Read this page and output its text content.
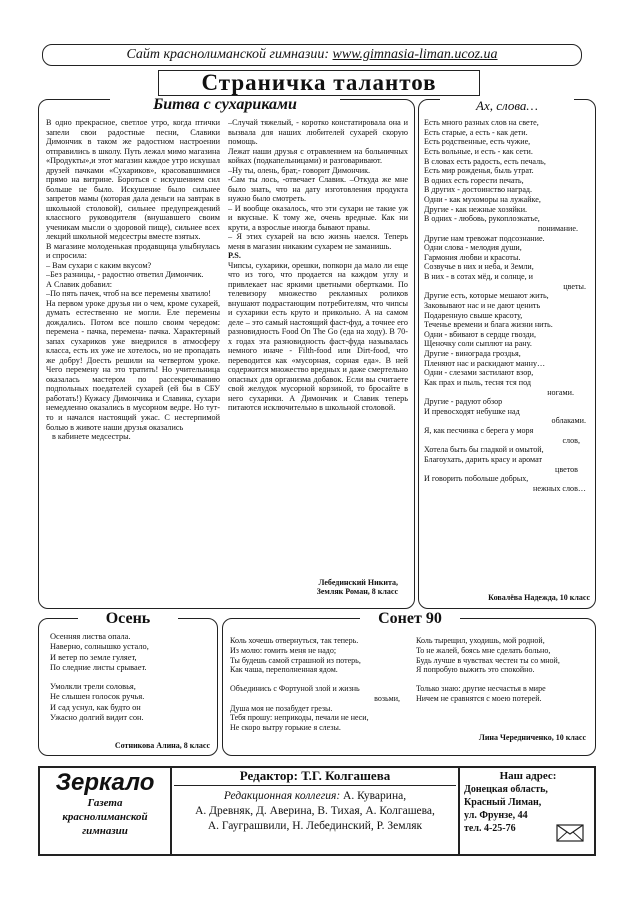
Сайт краснолиманской гимназии: www.gimnasia-liman.ucoz.ua
Страничка талантов
Битва с сухариками

В одно прекрасное, светлое утро, когда птички запели свои радостные песни, Славики Димончик в таком же радостном настроении отправились в школу. Путь лежал мимо магазина «Продукты»,и этот магазин каждое утро искушал друзей пачками «Сухариков», красовавшимися прямо на витрине. Бороться с искушением сил больше не было. Искушение было сильнее запретов мамы (которая дала деньги на завтрак в школьной столовой), сильнее предупреждений классного руководителя (внушавшего своим ученикам мысли о здоровой пище), сильнее всех лекций школьной медсестры вместе взятых.

В магазине молоденькая продавщица улыбнулась и спросила:

– Вам сухари с каким вкусом?

–Без разницы, - радостно ответил Димончик.

А Славик добавил:

–По пять пачек, чтоб на все перемены хватило!

На первом уроке друзья ни о чем, кроме сухарей, думать естественно не могли. Еле перемены дождались. Потом все пошло своим чередом: перемена - пачка, перемена- пачка. Характерный запах сухариков уже внедрился в атмосферу класса, есть их уже не хотелось, но не пропадать же добру! Доесть решили на четвертом уроке. Чего перемену на это тратить! Но учительница оказалась мастером по рассекречиванию подпольных поедателей сухарей (ей бы в СБУ работать!) Кужасу Димончика и Славика, сухари немедленно оказались в мусорном ведре. Но тут-то и начался настоящий ужас. С нестерпимой болью в животе наши друзья оказались

в кабинете медсестры.

–Случай тяжелый, - коротко констатировала она и вызвала для наших любителей сухарей скорую помощь.

Лежат наши друзья с отравлением на больничных койках (подкапельницами) и разговаривают.

–Ну ты, олень, брат,- говорит Димончик.

-Сам ты лось, -отвечает Славик. –Откуда же мне было знать, что на дату изготовления продукта нужно было смотреть.

– И вообще оказалось, что эти сухари не такие уж и вкусные. К тому же, очень вредные. Как ни крути, а взрослые иногда бывают правы.

– Я этих сухарей на всю жизнь наелся. Теперь меня в магазин никаким сухарем не заманишь.

P.S.

Чипсы, сухарики, орешки, попкорн да мало ли еще что из того, что продается на каждом углу и привлекает нас яркими цветными обертками. По телевизору множество рекламных роликов внушают подрастающим потребителям, что чипсы и сухарики есть круто и прикольно. А на самом деле – это самый настоящий фаст-фуд, а точнее его разновидность Food On The Go (еда на ходу). В 70-х годах эта разновидность фаст-фуда называлась немного иначе - Filth-food или Dirt-food, что переводится как «мусорная, сорная еда». В ней содержится множество вредных и даже смертельно опасных для организма добавок. Если вы считаете свой желудок мусорной корзиной, то бросайте в него сухарики. А Димончик и Славик теперь питаются исключительно в школьной столовой.

Лебединский Никита,
Земляк Роман, 8 класс
Ах, слова…
Есть много разных слов на свете,
Есть старые, а есть - как дети.
Есть родственные, есть чужие,
Есть вольные, и есть - как сети.
В словах есть радость, есть печаль,
Есть мир рожденья, быль утрат.
В одних есть горести печать,
В других - достоинство наград.
Одни - как мухоморы на лужайке,
Другие - как нежные хозяйки.
В одних - любовь, рукоплозкатье,
понимание.
Другие нам тревожат подсознание.
Одни слова - мелодия души,
Гармония любви и красоты.
Созвучье в них и неба, и Земли,
В них - в сотах мёд, и солнце, и
цветы.
Другие есть, которые мешают жить,
Заковывают нас и не дают ценить
Подаренную свыше красоту,
Теченье времени и блага жизни нить.
Одни - вбивают в сердце гвозди,
Щеночку соли сыплют на рану.
Другие - винограда гроздья,
Пленяют нас и раскидают манну…
Одни - слезами застилают взор,
Как прах и пыль, тесня тся под
ногами.
Другие - радуют обзор
И превосходят небушке над
облаками.
Я, как песчинка с берега у моря
слов,
Хотела быть бы гладкой и омытой,
Благоухать, дарить красу и аромат
цветов
И говорить побольше добрых,
нежных слов…
Ковалёва Надежда, 10 класс
Осень
Осенняя листва опала.
Наверно, солнышко устало,
И ветер по земле гуляет,
По следние листы срывает.
Умолкли трели соловья,
Не слышен голосок ручья.
И сад уснул, как будто он
Ужасно долгий видит сон.
Сотникова Алина, 8 класс
Сонет 90
Коль хочешь отвернуться, так теперь.
Из молю: гомить меня не надо;
Ты будешь самой страшной из потерь,
Как чаша, переполненная ядом.
Объединись с Фортуной злой и жизнь
возьми,
Душа моя не позабудет грезы.
Тебя прошу: неприкоды, печали не неси,
Не скоро вытру горькие я слезы.
Коль тырещил, уходишь, мой родной,
То не жалей, боясь мне сделать больно,
Будь лучше в чувствах честен ты со мной,
Я попробую выжить это спокойно.
Только знаю: другие несчастья в мире
Ничем не сравнятся с моею потерей.
Лина Чередниченко, 10 класс
Зеркало
Газета
краснолиманской
гимназии
Редактор: Т.Г. Колгашева
Редакционная коллегия: А. Куварина,
А. Древняк, Д. Аверина, В. Тихая, А. Колгашева,
А. Гауграшвили, Н. Лебединский, Р. Земляк
Наш адрес:
Донецкая область,
Красный Лиман,
ул. Фрунзе, 44
тел. 4-25-76
